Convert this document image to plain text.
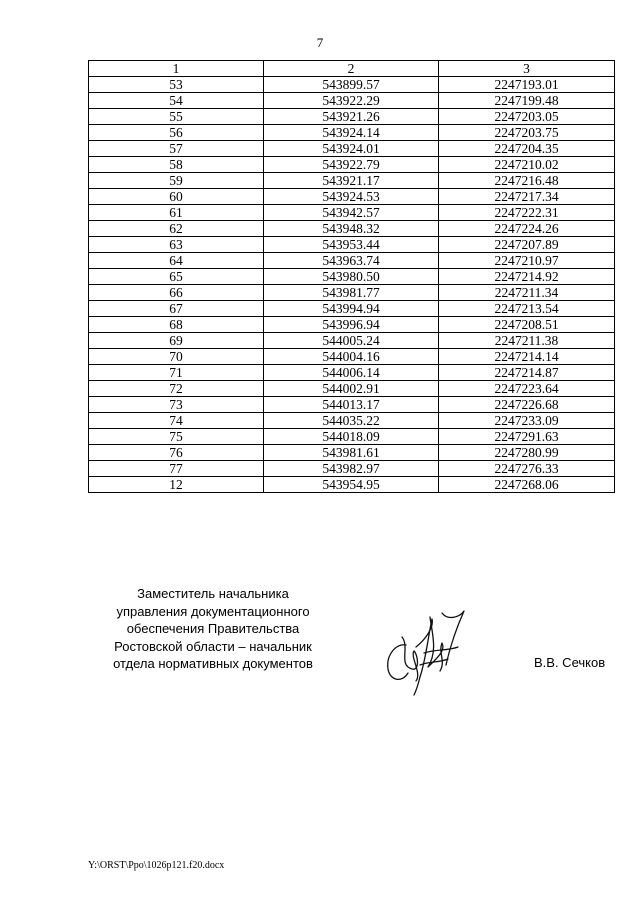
7
1	2	3
53	543899.57	2247193.01
54	543922.29	2247199.48
55	543921.26	2247203.05
56	543924.14	2247203.75
57	543924.01	2247204.35
58	543922.79	2247210.02
59	543921.17	2247216.48
60	543924.53	2247217.34
61	543942.57	2247222.31
62	543948.32	2247224.26
63	543953.44	2247207.89
64	543963.74	2247210.97
65	543980.50	2247214.92
66	543981.77	2247211.34
67	543994.94	2247213.54
68	543996.94	2247208.51
69	544005.24	2247211.38
70	544004.16	2247214.14
71	544006.14	2247214.87
72	544002.91	2247223.64
73	544013.17	2247226.68
74	544035.22	2247233.09
75	544018.09	2247291.63
76	543981.61	2247280.99
77	543982.97	2247276.33
12	543954.95	2247268.06
Заместитель начальника
управления документационного
обеспечения Правительства
Ростовской области – начальник
отдела нормативных документов	В.В. Сечков
Y:\ORST\Ppo\1026p121.f20.docx
